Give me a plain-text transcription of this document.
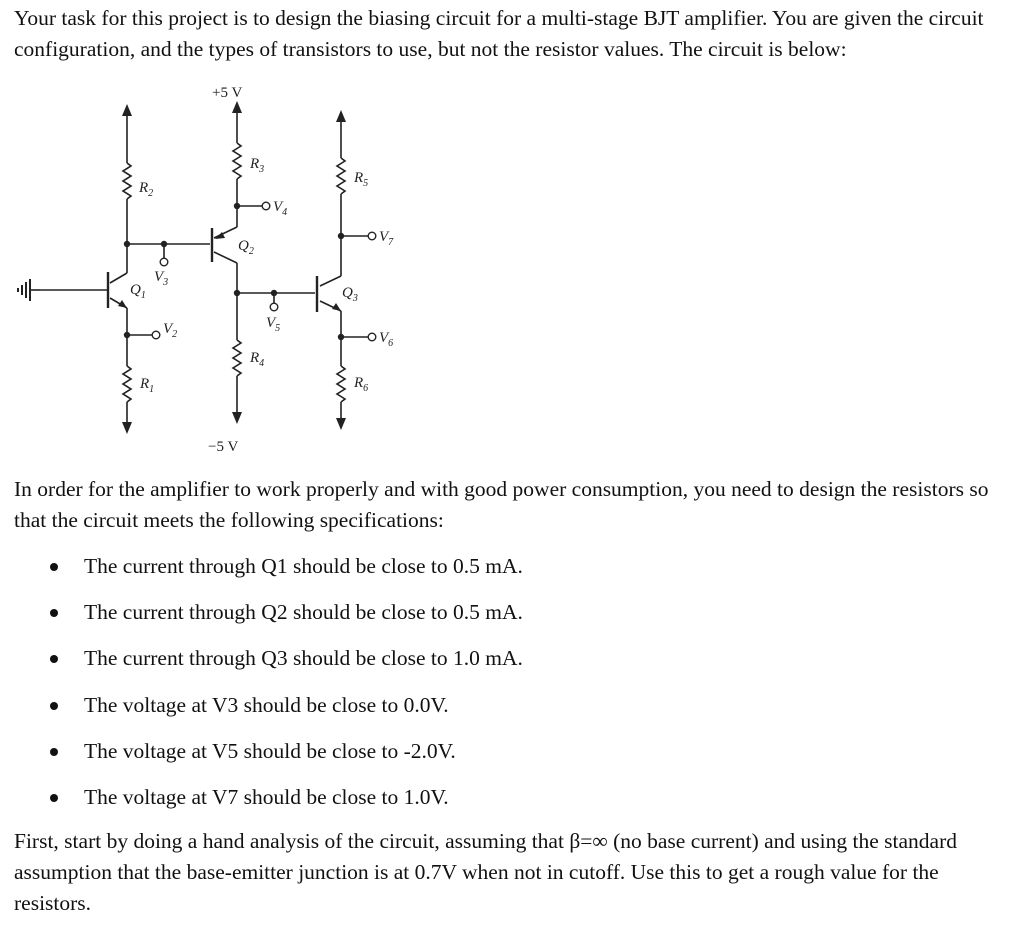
Your task for this project is to design the biasing circuit for a multi-stage BJT amplifier. You are given the circuit configuration, and the types of transistors to use, but not the resistor values. The circuit is below:

+5 V
−5 V
$R_2$
$R_1$
$R_3$
$R_4$
$R_5$
$R_6$
$Q_1$
$Q_2$
$Q_3$
$V_3$
$V_2$
$V_4$
$V_5$
$V_7$
$V_6$

In order for the amplifier to work properly and with good power consumption, you need to design the resistors so that the circuit meets the following specifications:

The current through Q1 should be close to 0.5 mA.
The current through Q2 should be close to 0.5 mA.
The current through Q3 should be close to 1.0 mA.
The voltage at V3 should be close to 0.0V.
The voltage at V5 should be close to -2.0V.
The voltage at V7 should be close to 1.0V.

First, start by doing a hand analysis of the circuit, assuming that β=∞ (no base current) and using the standard assumption that the base-emitter junction is at 0.7V when not in cutoff. Use this to get a rough value for the resistors.
